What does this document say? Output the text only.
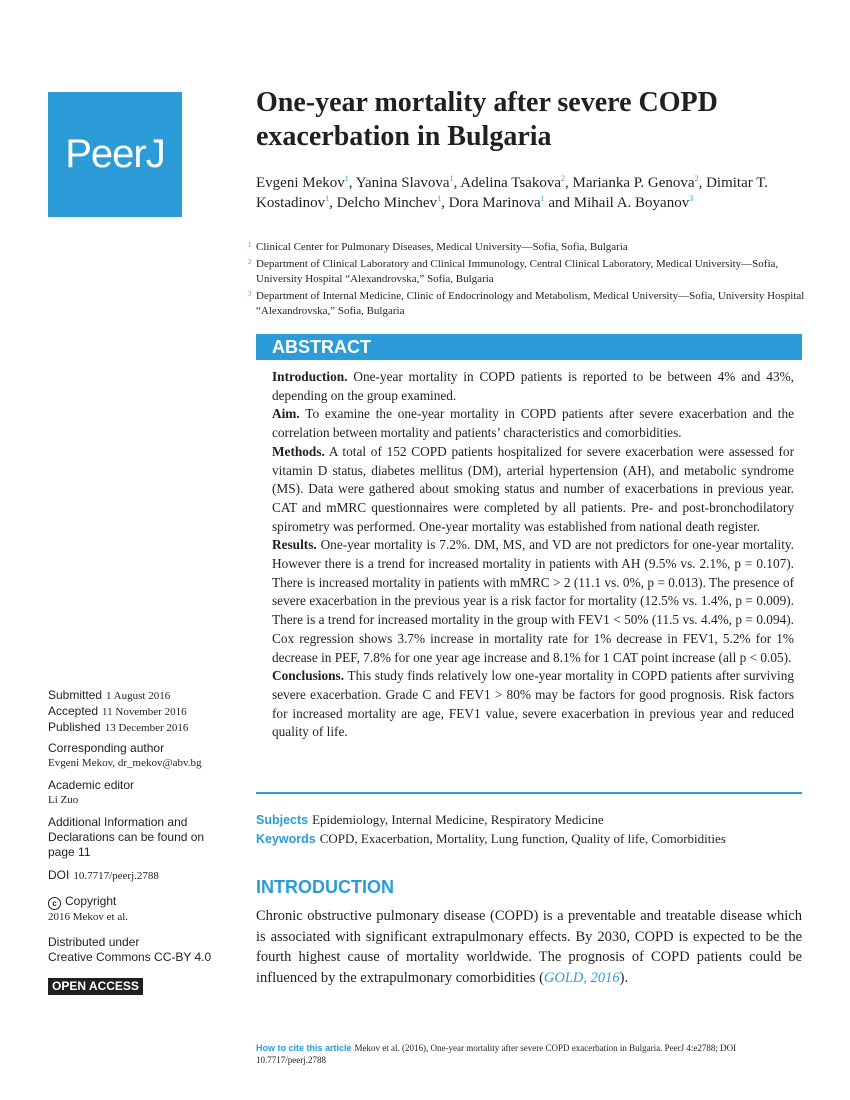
PeerJ
One-year mortality after severe COPD exacerbation in Bulgaria
Evgeni Mekov$^1$, Yanina Slavova$^1$, Adelina Tsakova$^2$, Marianka P. Genova$^2$, Dimitar T. Kostadinov$^1$, Delcho Minchev$^1$, Dora Marinova$^1$ and Mihail A. Boyanov$^3$
1 Clinical Center for Pulmonary Diseases, Medical University—Sofia, Sofia, Bulgaria
2 Department of Clinical Laboratory and Clinical Immunology, Central Clinical Laboratory, Medical University—Sofia, University Hospital “Alexandrovska,” Sofia, Bulgaria
3 Department of Internal Medicine, Clinic of Endocrinology and Metabolism, Medical University—Sofia, University Hospital “Alexandrovska,” Sofia, Bulgaria
ABSTRACT

Introduction. One-year mortality in COPD patients is reported to be between 4% and 43%, depending on the group examined.

Aim. To examine the one-year mortality in COPD patients after severe exacerbation and the correlation between mortality and patients’ characteristics and comorbidities.

Methods. A total of 152 COPD patients hospitalized for severe exacerbation were assessed for vitamin D status, diabetes mellitus (DM), arterial hypertension (AH), and metabolic syndrome (MS). Data were gathered about smoking status and number of exacerbations in previous year. CAT and mMRC questionnaires were completed by all patients. Pre- and post-bronchodilatory spirometry was performed. One-year mortality was established from national death register.

Results. One-year mortality is 7.2%. DM, MS, and VD are not predictors for one-year mortality. However there is a trend for increased mortality in patients with AH (9.5% vs. 2.1%, p = 0.107). There is increased mortality in patients with mMRC > 2 (11.1 vs. 0%, p = 0.013). The presence of severe exacerbation in the previous year is a risk factor for mortality (12.5% vs. 1.4%, p = 0.009). There is a trend for increased mortality in the group with FEV1 < 50% (11.5 vs. 4.4%, p = 0.094). Cox regression shows 3.7% increase in mortality rate for 1% decrease in FEV1, 5.2% for 1% decrease in PEF, 7.8% for one year age increase and 8.1% for 1 CAT point increase (all p < 0.05).

Conclusions. This study finds relatively low one-year mortality in COPD patients after surviving severe exacerbation. Grade C and FEV1 > 80% may be factors for good prognosis. Risk factors for increased mortality are age, FEV1 value, severe exacerbation in previous year and reduced quality of life.

Submitted 1 August 2016
Accepted 11 November 2016
Published 13 December 2016
Corresponding author
Evgeni Mekov, dr_mekov@abv.bg
Academic editor
Li Zuo
Additional Information and Declarations can be found on page 11
DOI 10.7717/peerj.2788
c Copyright
2016 Mekov et al.
Distributed under
Creative Commons CC-BY 4.0
OPEN ACCESS
Subjects Epidemiology, Internal Medicine, Respiratory Medicine
Keywords COPD, Exacerbation, Mortality, Lung function, Quality of life, Comorbidities
INTRODUCTION

Chronic obstructive pulmonary disease (COPD) is a preventable and treatable disease which is associated with significant extrapulmonary effects. By 2030, COPD is expected to be the fourth highest cause of mortality worldwide. The prognosis of COPD patients could be influenced by the extrapulmonary comorbidities (GOLD, 2016).

How to cite this article Mekov et al. (2016), One-year mortality after severe COPD exacerbation in Bulgaria. PeerJ 4:e2788; DOI 10.7717/peerj.2788
